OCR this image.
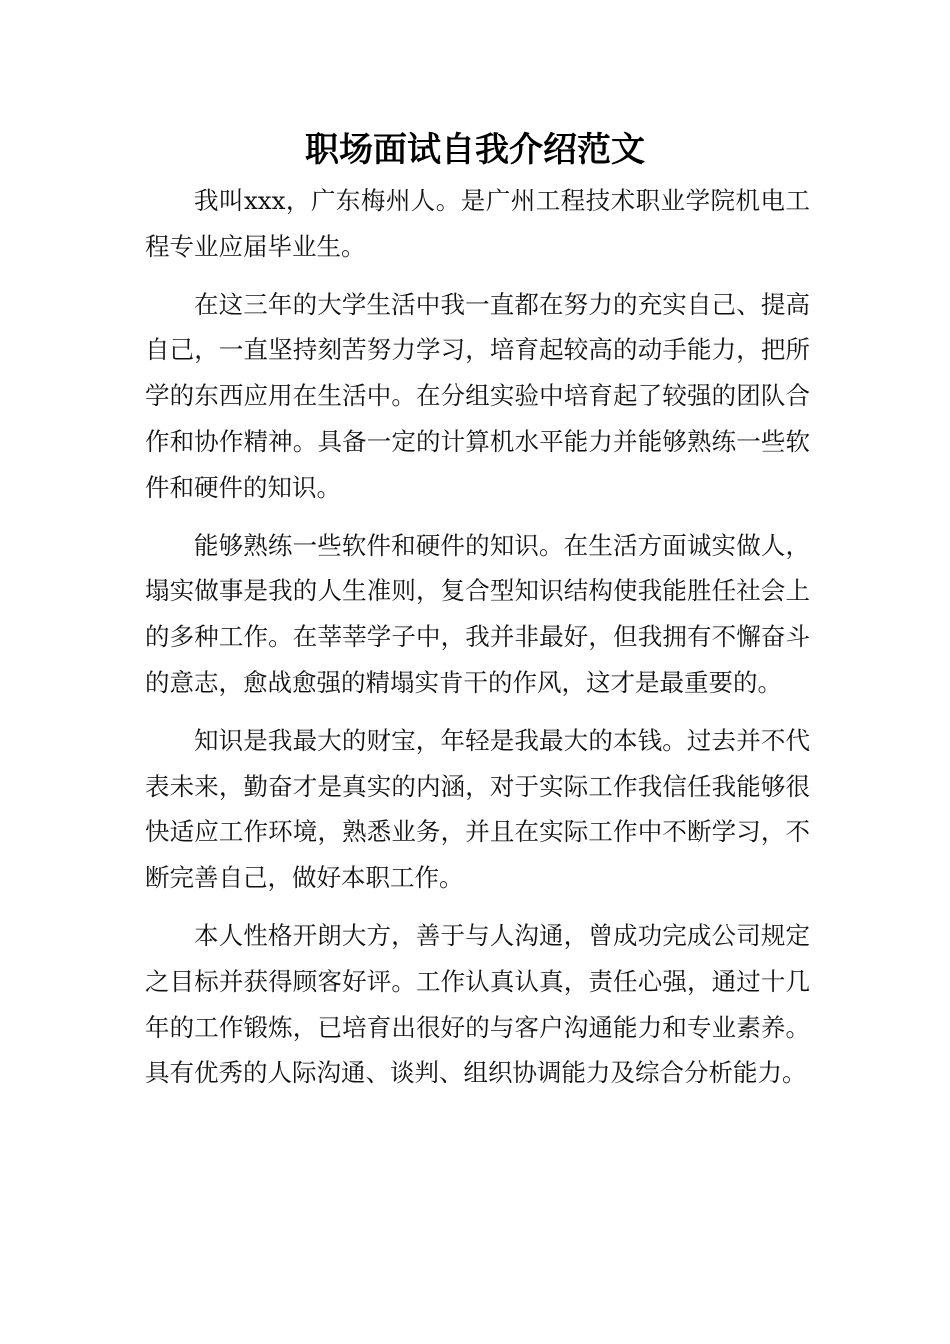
职场面试自我介绍范文

我叫xxx，广东梅州人。是广州工程技术职业学院机电工程专业应届毕业生。

在这三年的大学生活中我一直都在努力的充实自己、提高自己，一直坚持刻苦努力学习，培育起较高的动手能力，把所学的东西应用在生活中。在分组实验中培育起了较强的团队合作和协作精神。具备一定的计算机水平能力并能够熟练一些软件和硬件的知识。

能够熟练一些软件和硬件的知识。在生活方面诚实做人，塌实做事是我的人生准则，复合型知识结构使我能胜任社会上的多种工作。在莘莘学子中，我并非最好，但我拥有不懈奋斗的意志，愈战愈强的精塌实肯干的作风，这才是最重要的。

知识是我最大的财宝，年轻是我最大的本钱。过去并不代表未来，勤奋才是真实的内涵，对于实际工作我信任我能够很快适应工作环境，熟悉业务，并且在实际工作中不断学习，不断完善自己，做好本职工作。

本人性格开朗大方，善于与人沟通，曾成功完成公司规定之目标并获得顾客好评。工作认真认真，责任心强，通过十几年的工作锻炼，已培育出很好的与客户沟通能力和专业素养。具有优秀的人际沟通、谈判、组织协调能力及综合分析能力。
